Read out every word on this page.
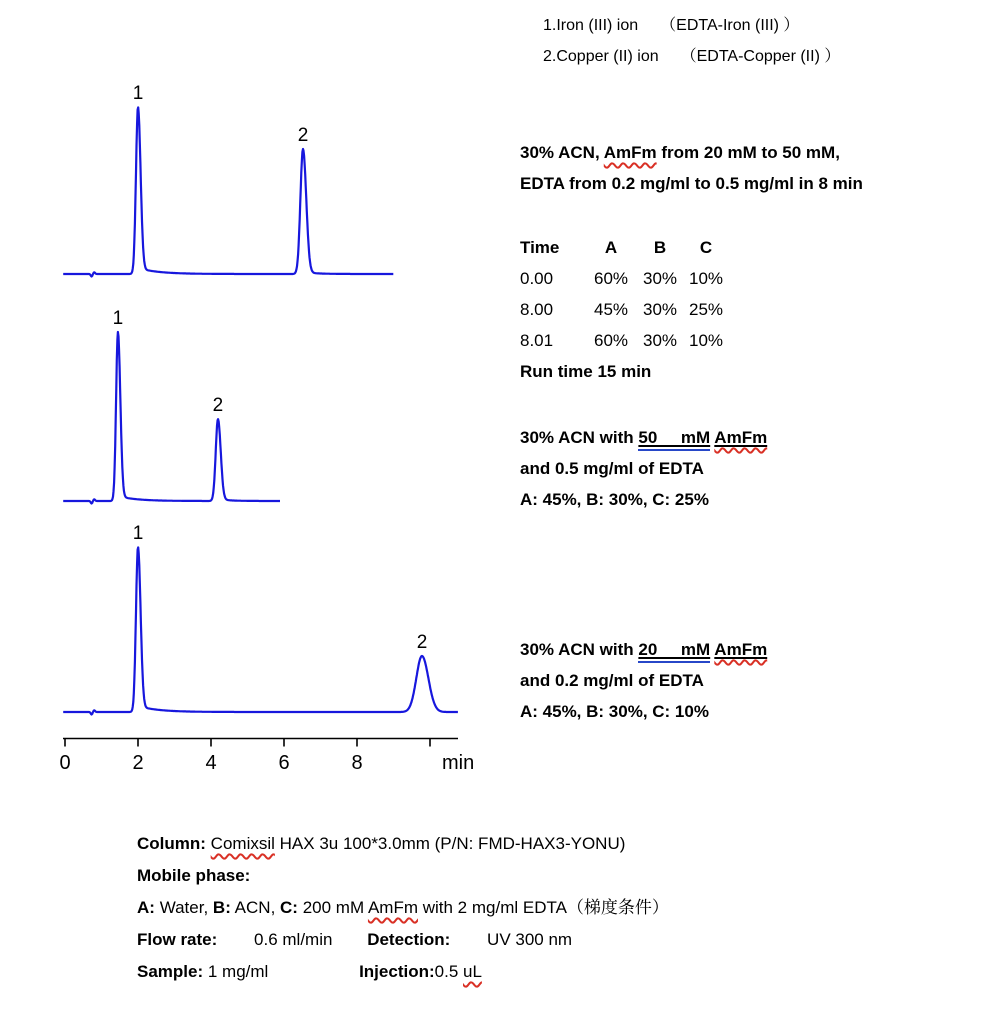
1
2
1
2
1
2
0	2	4	6	8	min
1.Iron (III) ion （EDTA-Iron (III) ）
2.Copper (II) ion （EDTA-Copper (II) ）
30% ACN, AmFm from 20 mM to 50 mM,
EDTA from 0.2 mg/ml to 0.5 mg/ml in 8 min
Time	A	B	C
0.00	60% 30% 10%
8.00	45% 30% 25%
8.01	60% 30% 10%
Run time 15 min
30% ACN with 50     mM AmFm
and 0.5 mg/ml of EDTA
A: 45%, B: 30%, C: 25%
30% ACN with 20     mM AmFm
and 0.2 mg/ml of EDTA
A: 45%, B: 30%, C: 10%
Column: Comixsil HAX 3u 100*3.0mm (P/N: FMD-HAX3-YONU)
Mobile phase:
A: Water, B: ACN, C: 200 mM AmFm with 2 mg/ml EDTA（梯度条件）
Flow rate: 0.6 ml/min Detection: UV 300 nm
Sample: 1 mg/ml	Injection:0.5 uL
